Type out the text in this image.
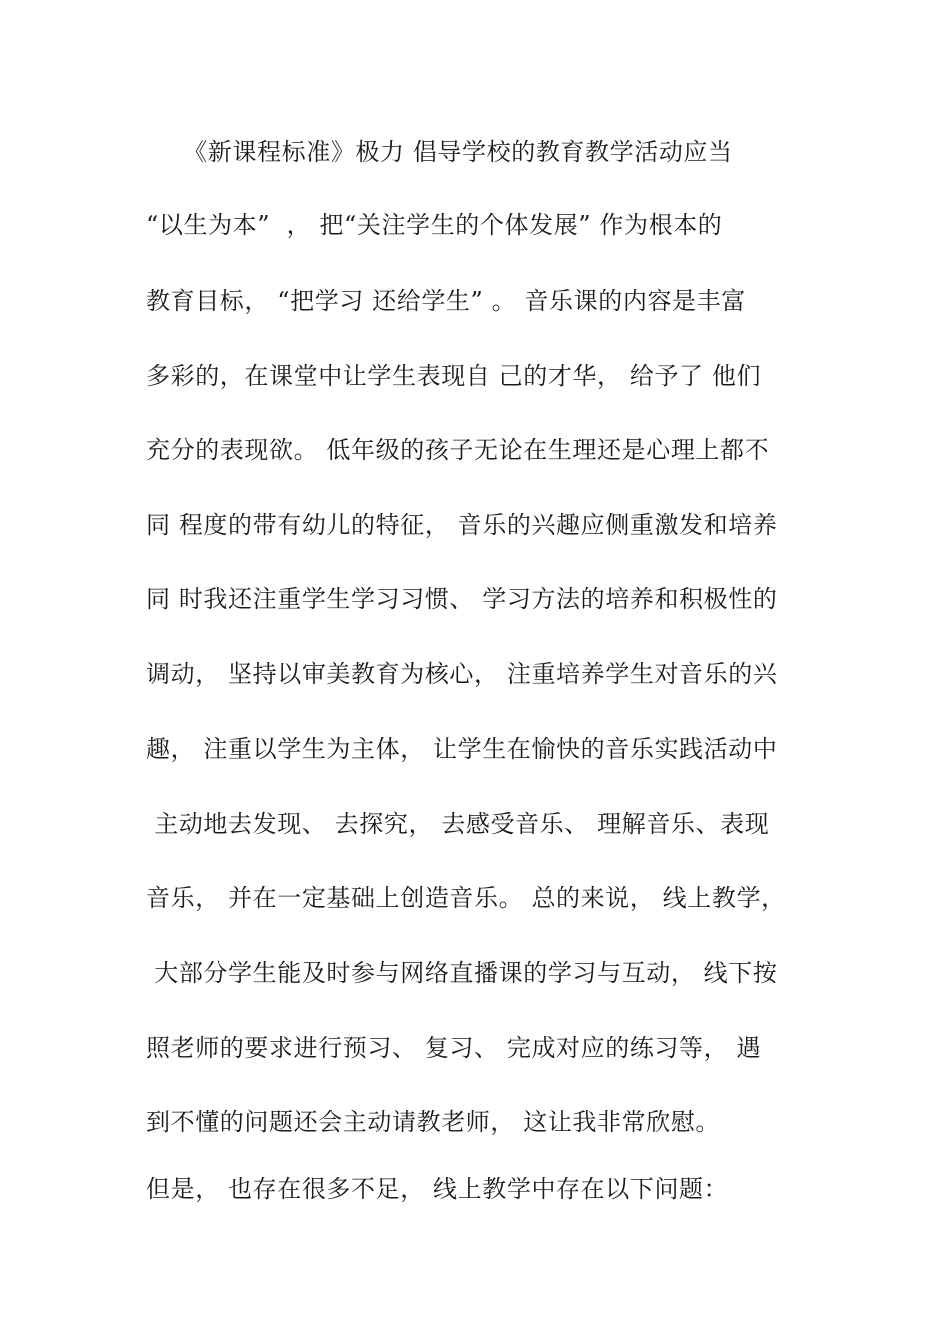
　　《新课程标准》极力 倡导学校的教育教学活动应当

“以生为本”  ， 把“关注学生的个体发展” 作为根本的

教育目标， “把学习 还给学生” 。 音乐课的内容是丰富

多彩的，在课堂中让学生表现自 己的才华， 给予了 他们

充分的表现欲。 低年级的孩子无论在生理还是心理上都不

同 程度的带有幼儿的特征， 音乐的兴趣应侧重激发和培养

同 时我还注重学生学习习惯、 学习方法的培养和积极性的

调动， 坚持以审美教育为核心， 注重培养学生对音乐的兴

趣， 注重以学生为主体， 让学生在愉快的音乐实践活动中

主动地去发现、 去探究， 去感受音乐、 理解音乐、表现

音乐， 并在一定基础上创造音乐。 总的来说， 线上教学，

大部分学生能及时参与网络直播课的学习与互动， 线下按

照老师的要求进行预习、 复习、 完成对应的练习等， 遇

到不懂的问题还会主动请教老师， 这让我非常欣慰。

但是， 也存在很多不足， 线上教学中存在以下问题：
